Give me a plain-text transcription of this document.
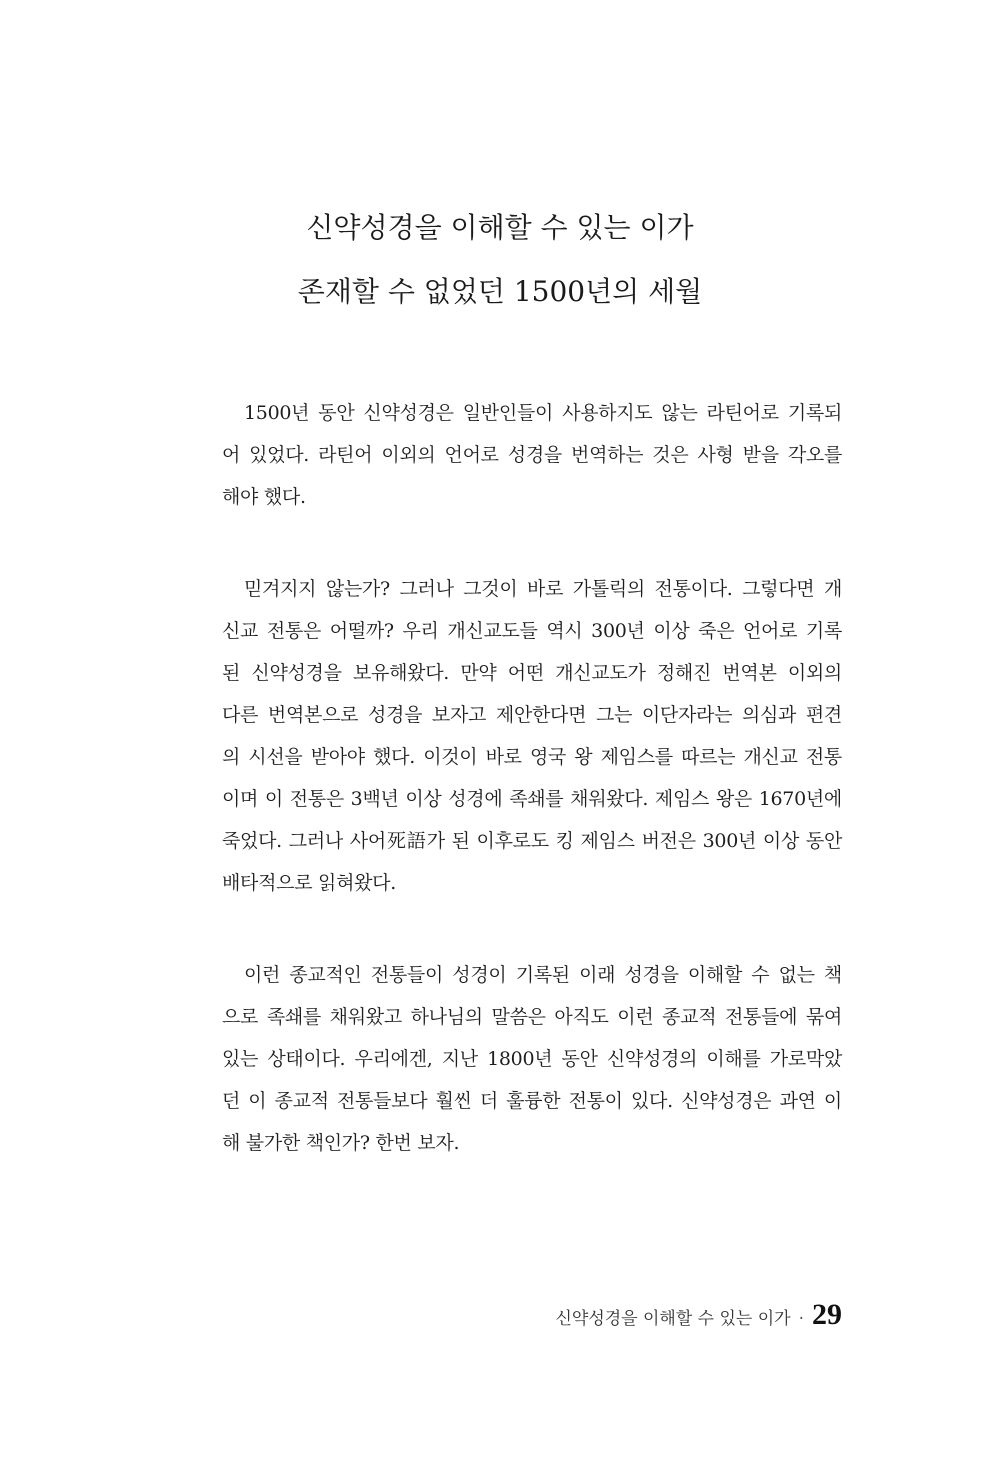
신약성경을 이해할 수 있는 이가
존재할 수 없었던 1500년의 세월

1500년 동안 신약성경은 일반인들이 사용하지도 않는 라틴어로 기록되
어 있었다. 라틴어 이외의 언어로 성경을 번역하는 것은 사형 받을 각오를
해야 했다.

믿겨지지 않는가? 그러나 그것이 바로 가톨릭의 전통이다. 그렇다면 개
신교 전통은 어떨까? 우리 개신교도들 역시 300년 이상 죽은 언어로 기록
된 신약성경을 보유해왔다. 만약 어떤 개신교도가 정해진 번역본 이외의
다른 번역본으로 성경을 보자고 제안한다면 그는 이단자라는 의심과 편견
의 시선을 받아야 했다. 이것이 바로 영국 왕 제임스를 따르는 개신교 전통
이며 이 전통은 3백년 이상 성경에 족쇄를 채워왔다. 제임스 왕은 1670년에
죽었다. 그러나 사어死語가 된 이후로도 킹 제임스 버전은 300년 이상 동안
배타적으로 읽혀왔다.

이런 종교적인 전통들이 성경이 기록된 이래 성경을 이해할 수 없는 책
으로 족쇄를 채워왔고 하나님의 말씀은 아직도 이런 종교적 전통들에 묶여
있는 상태이다. 우리에겐, 지난 1800년 동안 신약성경의 이해를 가로막았
던 이 종교적 전통들보다 훨씬 더 훌륭한 전통이 있다. 신약성경은 과연 이
해 불가한 책인가? 한번 보자.

신약성경을 이해할 수 있는 이가 · 29
